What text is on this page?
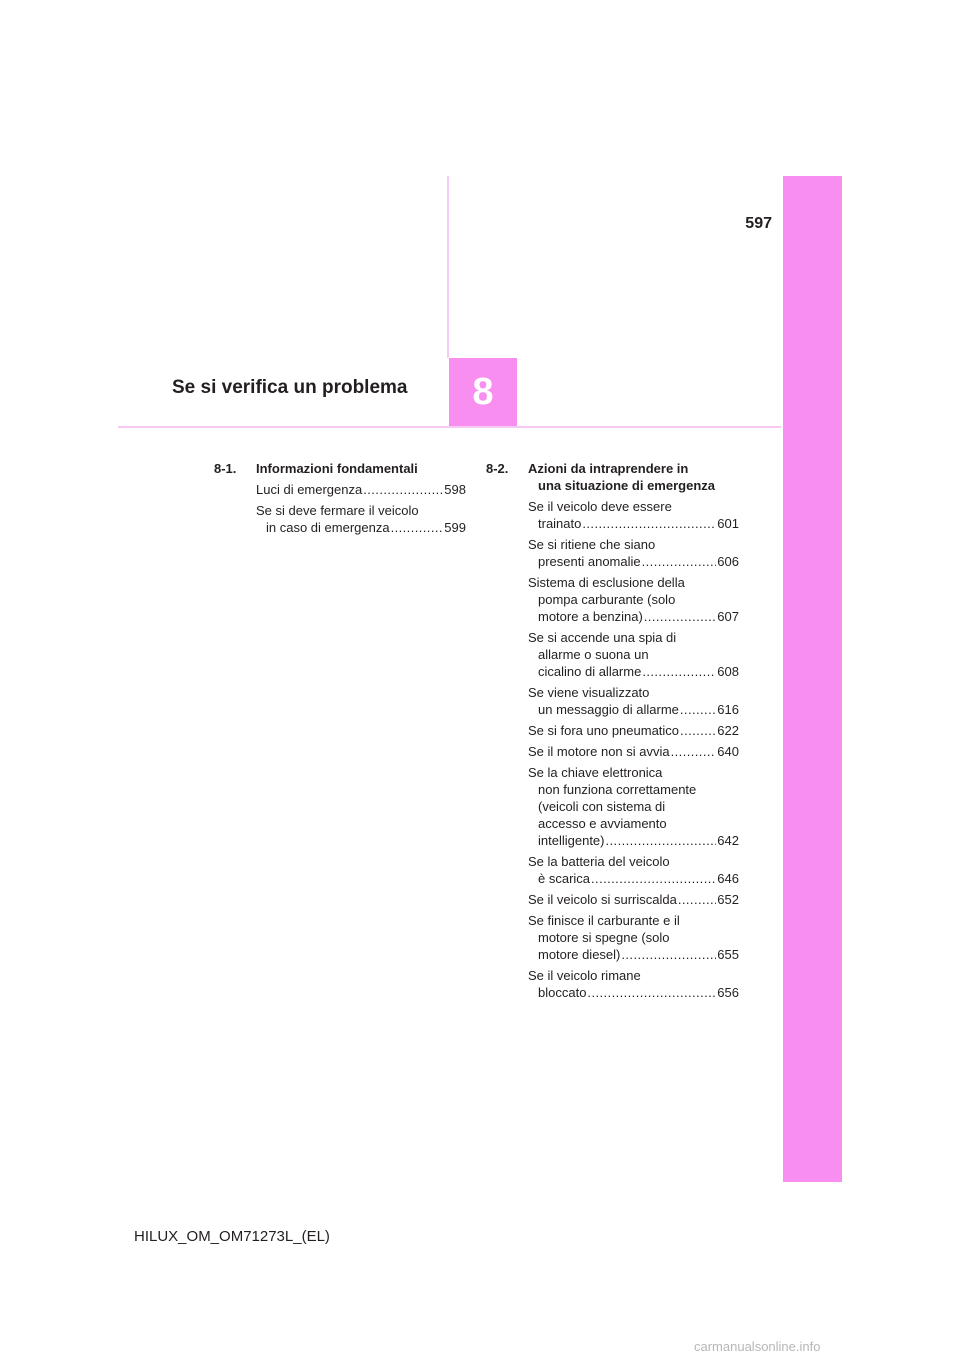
8
597
Se si verifica un problema
8-1.	Informazioni fondamentali
Luci di emergenza . . .	598
Se si deve fermare il veicolo
in caso di emergenza . . .	599
8-2.	Azioni da intraprendere in
una situazione di emergenza
Se il veicolo deve essere
trainato . . .	601
Se si ritiene che siano
presenti anomalie . . .	606
Sistema di esclusione della
pompa carburante (solo
motore a benzina) . . .	607
Se si accende una spia di
allarme o suona un
cicalino di allarme . . .	608
Se viene visualizzato
un messaggio di allarme . . .	616
Se si fora uno pneumatico . . .	622
Se il motore non si avvia . . .	640
Se la chiave elettronica
non funziona correttamente
(veicoli con sistema di
accesso e avviamento
intelligente) . . .	642
Se la batteria del veicolo
è scarica . . .	646
Se il veicolo si surriscalda . . .	652
Se finisce il carburante e il
motore si spegne (solo
motore diesel) . . .	655
Se il veicolo rimane
bloccato . . .	656
HILUX_OM_OM71273L_(EL)
carmanualsonline.info
